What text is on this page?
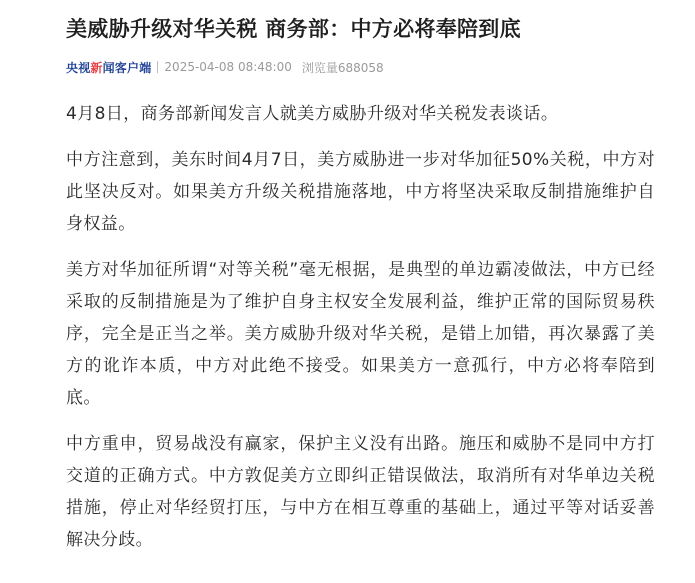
美威胁升级对华关税 商务部：中方必将奉陪到底
央视 新 闻客户端 2025-04-08 08:48:00 浏览量688058

4月8日，商务部新闻发言人就美方威胁升级对华关税发表谈话。

中方注意到，美东时间4月7日，美方威胁进一步对华加征50%关税，中方对此坚决反对。如果美方升级关税措施落地，中方将坚决采取反制措施维护自身权益。

美方对华加征所谓“对等关税”毫无根据，是典型的单边霸凌做法，中方已经采取的反制措施是为了维护自身主权安全发展利益，维护正常的国际贸易秩序，完全是正当之举。美方威胁升级对华关税，是错上加错，再次暴露了美方的讹诈本质，中方对此绝不接受。如果美方一意孤行，中方必将奉陪到底。

中方重申，贸易战没有赢家，保护主义没有出路。施压和威胁不是同中方打交道的正确方式。中方敦促美方立即纠正错误做法，取消所有对华单边关税措施，停止对华经贸打压，与中方在相互尊重的基础上，通过平等对话妥善解决分歧。
